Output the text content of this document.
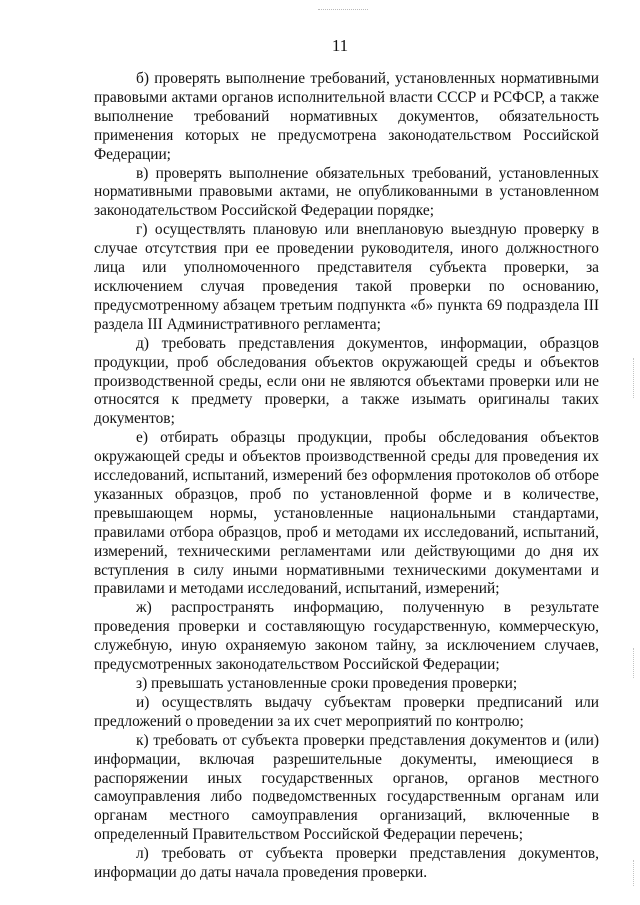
11

б) проверять выполнение требований, установленных нормативными правовыми актами органов исполнительной власти СССР и РСФСР, а также выполнение требований нормативных документов, обязательность применения которых не предусмотрена законодательством Российской Федерации;

в) проверять выполнение обязательных требований, установленных нормативными правовыми актами, не опубликованными в установленном законодательством Российской Федерации порядке;

г) осуществлять плановую или внеплановую выездную проверку в случае отсутствия при ее проведении руководителя, иного должностного лица или уполномоченного представителя субъекта проверки, за исключением случая проведения такой проверки по основанию, предусмотренному абзацем третьим подпункта «б» пункта 69 подраздела III раздела III Административного регламента;

д) требовать представления документов, информации, образцов продукции, проб обследования объектов окружающей среды и объектов производственной среды, если они не являются объектами проверки или не относятся к предмету проверки, а также изымать оригиналы таких документов;

е) отбирать образцы продукции, пробы обследования объектов окружающей среды и объектов производственной среды для проведения их исследований, испытаний, измерений без оформления протоколов об отборе указанных образцов, проб по установленной форме и в количестве, превышающем нормы, установленные национальными стандартами, правилами отбора образцов, проб и методами их исследований, испытаний, измерений, техническими регламентами или действующими до дня их вступления в силу иными нормативными техническими документами и правилами и методами исследований, испытаний, измерений;

ж) распространять информацию, полученную в результате проведения проверки и составляющую государственную, коммерческую, служебную, иную охраняемую законом тайну, за исключением случаев, предусмотренных законодательством Российской Федерации;

з) превышать установленные сроки проведения проверки;

и) осуществлять выдачу субъектам проверки предписаний или предложений о проведении за их счет мероприятий по контролю;

к) требовать от субъекта проверки представления документов и (или) информации, включая разрешительные документы, имеющиеся в распоряжении иных государственных органов, органов местного самоуправления либо подведомственных государственным органам или органам местного самоуправления организаций, включенные в определенный Правительством Российской Федерации перечень;

л) требовать от субъекта проверки представления документов, информации до даты начала проведения проверки.
